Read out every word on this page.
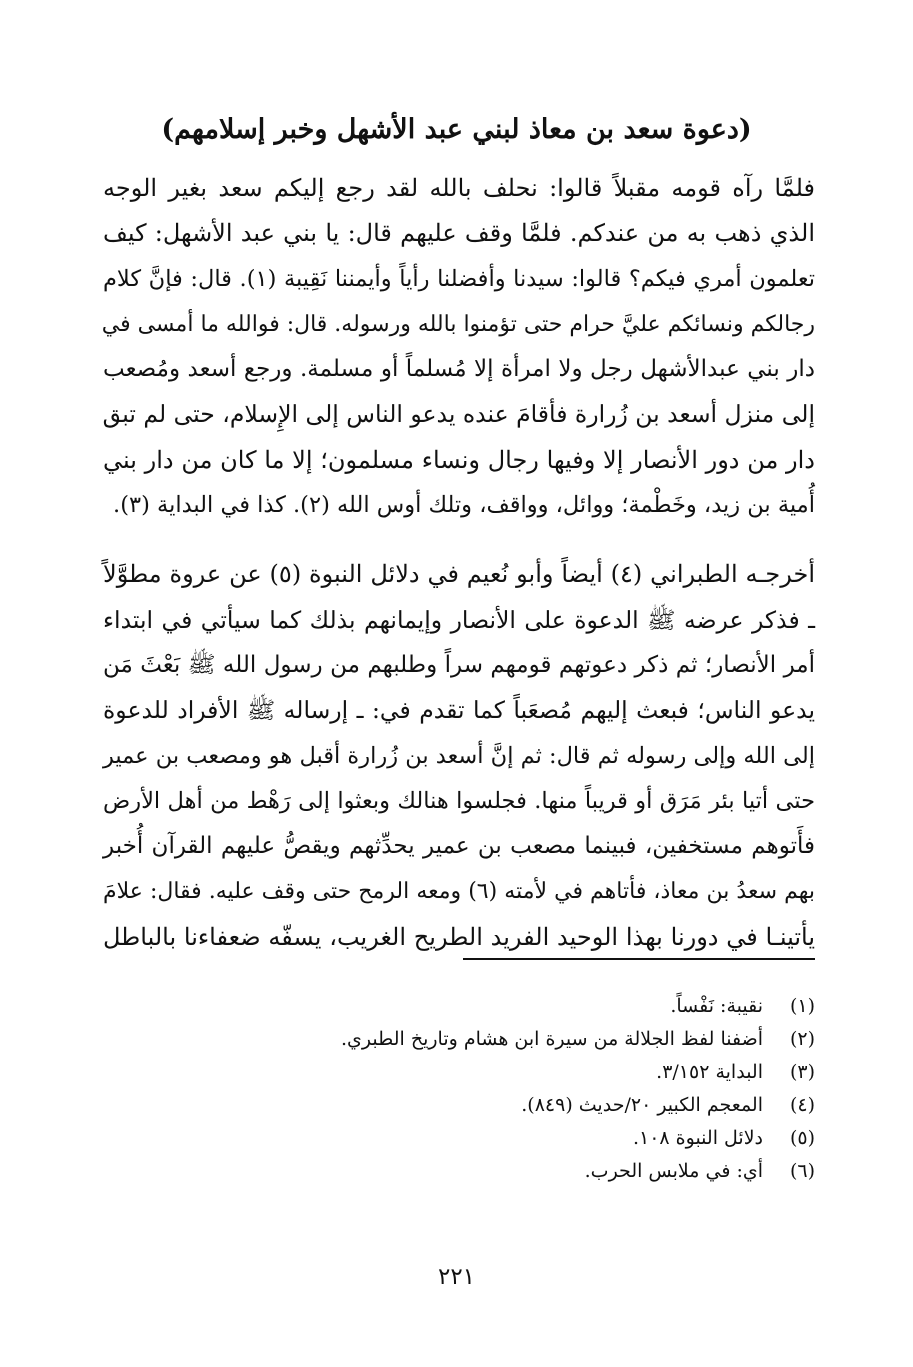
(دعوة سعد بن معاذ لبني عبد الأشهل وخبر إسلامهم)
فلمَّا رآه قومه مقبلاً قالوا: نحلف بالله لقد رجع إليكم سعد بغير الوجه
الذي ذهب به من عندكم. فلمَّا وقف عليهم قال: يا بني عبد الأشهل: كيف
تعلمون أمري فيكم؟ قالوا: سيدنا وأفضلنا رأياً وأيمننا نَقِيبة (١). قال: فإنَّ كلام
رجالكم ونسائكم عليَّ حرام حتى تؤمنوا بالله ورسوله. قال: فوالله ما أمسى في
دار بني عبدالأشهل رجل ولا امرأة إلا مُسلماً أو مسلمة. ورجع أسعد ومُصعب
إلى منزل أسعد بن زُرارة فأقامَ عنده يدعو الناس إلى الإِسلام، حتى لم تبق
دار من دور الأنصار إلا وفيها رجال ونساء مسلمون؛ إلا ما كان من دار بني
أُمية بن زيد، وخَطْمة؛ ووائل، وواقف، وتلك أوس الله (٢). كذا في البداية (٣).
أخرجـه الطبراني (٤) أيضاً وأبو نُعيم في دلائل النبوة (٥) عن عروة مطوَّلاً
ـ فذكر عرضه ﷺ الدعوة على الأنصار وإيمانهم بذلك كما سيأتي في ابتداء
أمر الأنصار؛ ثم ذكر دعوتهم قومهم سراً وطلبهم من رسول الله ﷺ بَعْثَ مَن
يدعو الناس؛ فبعث إليهم مُصعَباً كما تقدم في: ـ إرساله ﷺ الأفراد للدعوة
إلى الله وإلى رسوله ثم قال: ثم إنَّ أسعد بن زُرارة أقبل هو ومصعب بن عمير
حتى أتيا بئر مَرَق أو قريباً منها. فجلسوا هنالك وبعثوا إلى رَهْط من أهل الأرض
فأَتوهم مستخفين، فبينما مصعب بن عمير يحدِّثهم ويقصُّ عليهم القرآن أُخبر
بهم سعدُ بن معاذ، فأتاهم في لأمته (٦) ومعه الرمح حتى وقف عليه. فقال: علامَ
يأتينـا في دورنا بهذا الوحيد الفريد الطريح الغريب، يسفّه ضعفاءنا بالباطل
(١)
نقيبة: نَفْساً.
(٢)
أضفنا لفظ الجلالة من سيرة ابن هشام وتاريخ الطبري.
(٣)
البداية ٣/١٥٢.
(٤)
المعجم الكبير ٢٠/حديث (٨٤٩).
(٥)
دلائل النبوة ١٠٨.
(٦)
أي: في ملابس الحرب.
٢٢١
